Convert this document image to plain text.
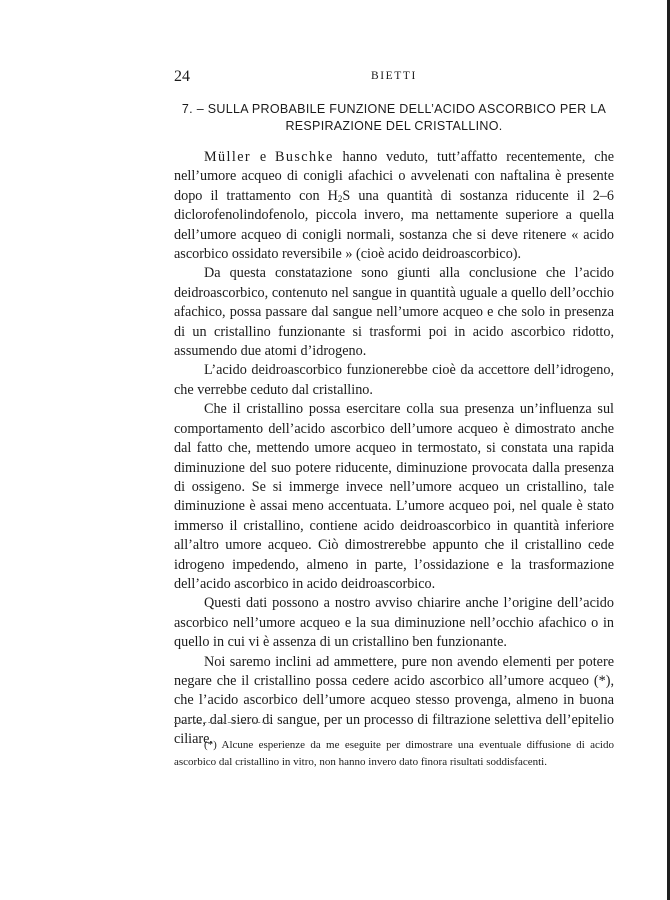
24	BIETTI
7. – SULLA PROBABILE FUNZIONE DELL’ACIDO ASCORBICO PER LA
RESPIRAZIONE DEL CRISTALLINO.

Müller e Buschke hanno veduto, tutt’affatto recentemente, che nell’umore acqueo di conigli afachici o avvelenati con naftalina è presente dopo il trattamento con $H_2S$ una quantità di sostanza riducente il 2–6 diclorofenolindofenolo, piccola invero, ma nettamente superiore a quella dell’umore acqueo di conigli normali, sostanza che si deve ritenere « acido ascorbico ossidato reversibile » (cioè acido deidroascorbico).

Da questa constatazione sono giunti alla conclusione che l’acido deidroascorbico, contenuto nel sangue in quantità uguale a quello dell’occhio afachico, possa passare dal sangue nell’umore acqueo e che solo in presenza di un cristallino funzionante si trasformi poi in acido ascorbico ridotto, assumendo due atomi d’idrogeno.

L’acido deidroascorbico funzionerebbe cioè da accettore dell’idrogeno, che verrebbe ceduto dal cristallino.

Che il cristallino possa esercitare colla sua presenza un’influenza sul comportamento dell’acido ascorbico dell’umore acqueo è dimostrato anche dal fatto che, mettendo umore acqueo in termostato, si constata una rapida diminuzione del suo potere riducente, diminuzione provocata dalla presenza di ossigeno. Se si immerge invece nell’umore acqueo un cristallino, tale diminuzione è assai meno accentuata. L’umore acqueo poi, nel quale è stato immerso il cristallino, contiene acido deidroascorbico in quantità inferiore all’altro umore acqueo. Ciò dimostrerebbe appunto che il cristallino cede idrogeno impedendo, almeno in parte, l’ossidazione e la trasformazione dell’acido ascorbico in acido deidroascorbico.

Questi dati possono a nostro avviso chiarire anche l’origine dell’acido ascorbico nell’umore acqueo e la sua diminuzione nell’occhio afachico o in quello in cui vi è assenza di un cristallino ben funzionante.

Noi saremo inclini ad ammettere, pure non avendo elementi per potere negare che il cristallino possa cedere acido ascorbico all’umore acqueo (*), che l’acido ascorbico dell’umore acqueo stesso provenga, almeno in buona parte, dal siero di sangue, per un processo di filtrazione selettiva dell’epitelio ciliare.

(*) Alcune esperienze da me eseguite per dimostrare una eventuale diffusione di acido ascorbico dal cristallino in vitro, non hanno invero dato finora risultati soddisfacenti.
